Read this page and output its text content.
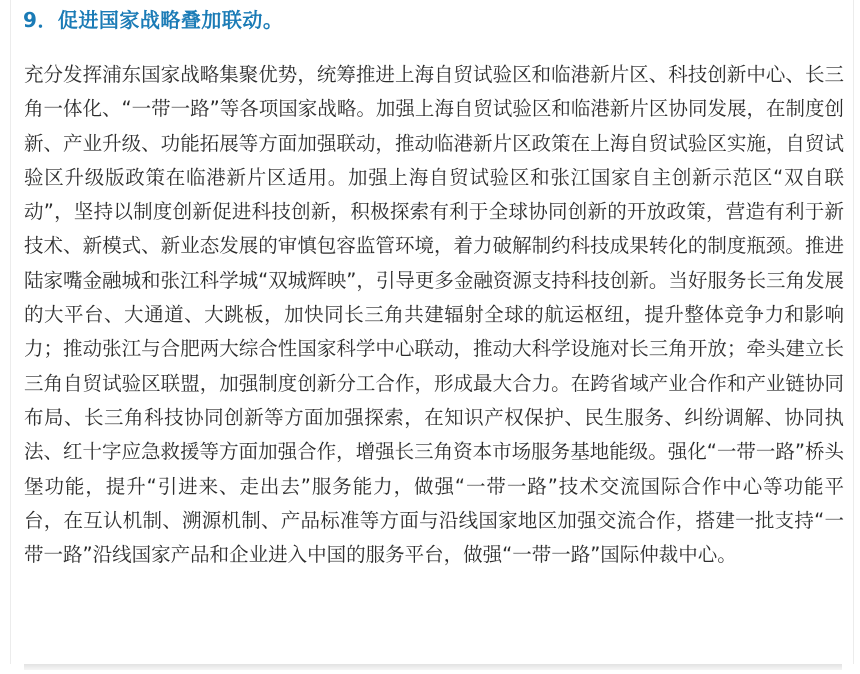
9．促进国家战略叠加联动。

充分发挥浦东国家战略集聚优势，统筹推进上海自贸试验区和临港新片区、科技创新中心、长三角一体化、“一带一路”等各项国家战略。加强上海自贸试验区和临港新片区协同发展，在制度创新、产业升级、功能拓展等方面加强联动，推动临港新片区政策在上海自贸试验区实施，自贸试验区升级版政策在临港新片区适用。加强上海自贸试验区和张江国家自主创新示范区“双自联动”，坚持以制度创新促进科技创新，积极探索有利于全球协同创新的开放政策，营造有利于新技术、新模式、新业态发展的审慎包容监管环境，着力破解制约科技成果转化的制度瓶颈。推进陆家嘴金融城和张江科学城“双城辉映”，引导更多金融资源支持科技创新。当好服务长三角发展的大平台、大通道、大跳板，加快同长三角共建辐射全球的航运枢纽，提升整体竞争力和影响力；推动张江与合肥两大综合性国家科学中心联动，推动大科学设施对长三角开放；牵头建立长三角自贸试验区联盟，加强制度创新分工合作，形成最大合力。在跨省域产业合作和产业链协同布局、长三角科技协同创新等方面加强探索，在知识产权保护、民生服务、纠纷调解、协同执法、红十字应急救援等方面加强合作，增强长三角资本市场服务基地能级。强化“一带一路”桥头堡功能，提升“引进来、走出去”服务能力，做强“一带一路”技术交流国际合作中心等功能平台，在互认机制、溯源机制、产品标准等方面与沿线国家地区加强交流合作，搭建一批支持“一带一路”沿线国家产品和企业进入中国的服务平台，做强“一带一路”国际仲裁中心。
